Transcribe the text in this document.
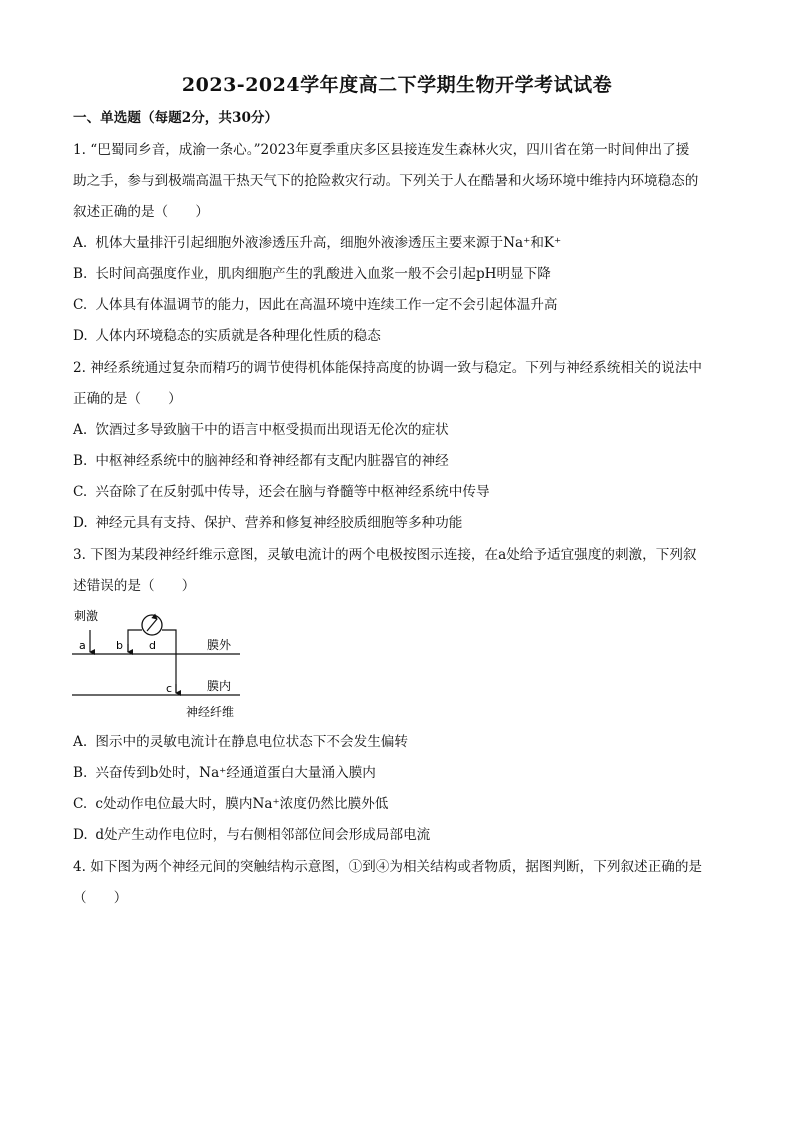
2023-2024学年度高二下学期生物开学考试试卷
一、单选题（每题2分，共30分）
1. “巴蜀同乡音，成渝一条心。”2023年夏季重庆多区县接连发生森林火灾，四川省在第一时间伸出了援
助之手，参与到极端高温干热天气下的抢险救灾行动。下列关于人在酷暑和火场环境中维持内环境稳态的
叙述正确的是（　　）
A. 机体大量排汗引起细胞外液渗透压升高，细胞外液渗透压主要来源于Na⁺和K⁺
B. 长时间高强度作业，肌肉细胞产生的乳酸进入血浆一般不会引起pH明显下降
C. 人体具有体温调节的能力，因此在高温环境中连续工作一定不会引起体温升高
D. 人体内环境稳态的实质就是各种理化性质的稳态
2. 神经系统通过复杂而精巧的调节使得机体能保持高度的协调一致与稳定。下列与神经系统相关的说法中
正确的是（　　）
A. 饮酒过多导致脑干中的语言中枢受损而出现语无伦次的症状
B. 中枢神经系统中的脑神经和脊神经都有支配内脏器官的神经
C. 兴奋除了在反射弧中传导，还会在脑与脊髓等中枢神经系统中传导
D. 神经元具有支持、保护、营养和修复神经胶质细胞等多种功能
3. 下图为某段神经纤维示意图，灵敏电流计的两个电极按图示连接，在a处给予适宜强度的刺激，下列叙
述错误的是（　　）
刺激
a	b d
c
膜外
膜内
神经纤维
A. 图示中的灵敏电流计在静息电位状态下不会发生偏转
B. 兴奋传到b处时，Na⁺经通道蛋白大量涌入膜内
C. c处动作电位最大时，膜内Na⁺浓度仍然比膜外低
D. d处产生动作电位时，与右侧相邻部位间会形成局部电流
4. 如下图为两个神经元间的突触结构示意图，①到④为相关结构或者物质，据图判断，下列叙述正确的是
（　　）
